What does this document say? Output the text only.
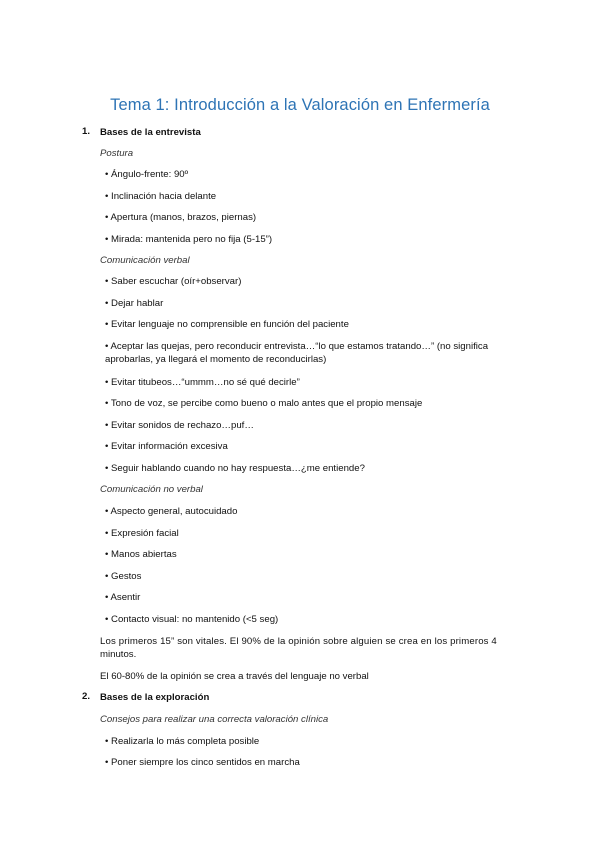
Tema 1: Introducción a la Valoración en Enfermería
1. Bases de la entrevista
Postura
• Ángulo-frente: 90º
• Inclinación hacia delante
• Apertura (manos, brazos, piernas)
• Mirada: mantenida pero no fija (5-15”)
Comunicación verbal
• Saber escuchar (oír+observar)
• Dejar hablar
• Evitar lenguaje no comprensible en función del paciente
• Aceptar las quejas, pero reconducir entrevista…“lo que estamos tratando…” (no significa
aprobarlas, ya llegará el momento de reconducirlas)
• Evitar titubeos…“ummm…no sé qué decirle”
• Tono de voz, se percibe como bueno o malo antes que el propio mensaje
• Evitar sonidos de rechazo…puf…
• Evitar información excesiva
• Seguir hablando cuando no hay respuesta…¿me entiende?
Comunicación no verbal
• Aspecto general, autocuidado
• Expresión facial
• Manos abiertas
• Gestos
• Asentir
• Contacto visual: no mantenido (<5 seg)
Los primeros 15” son vitales. El 90% de la opinión sobre alguien se crea en los primeros 4
minutos.
El 60-80% de la opinión se crea a través del lenguaje no verbal
2. Bases de la exploración
Consejos para realizar una correcta valoración clínica
• Realizarla lo más completa posible
• Poner siempre los cinco sentidos en marcha
